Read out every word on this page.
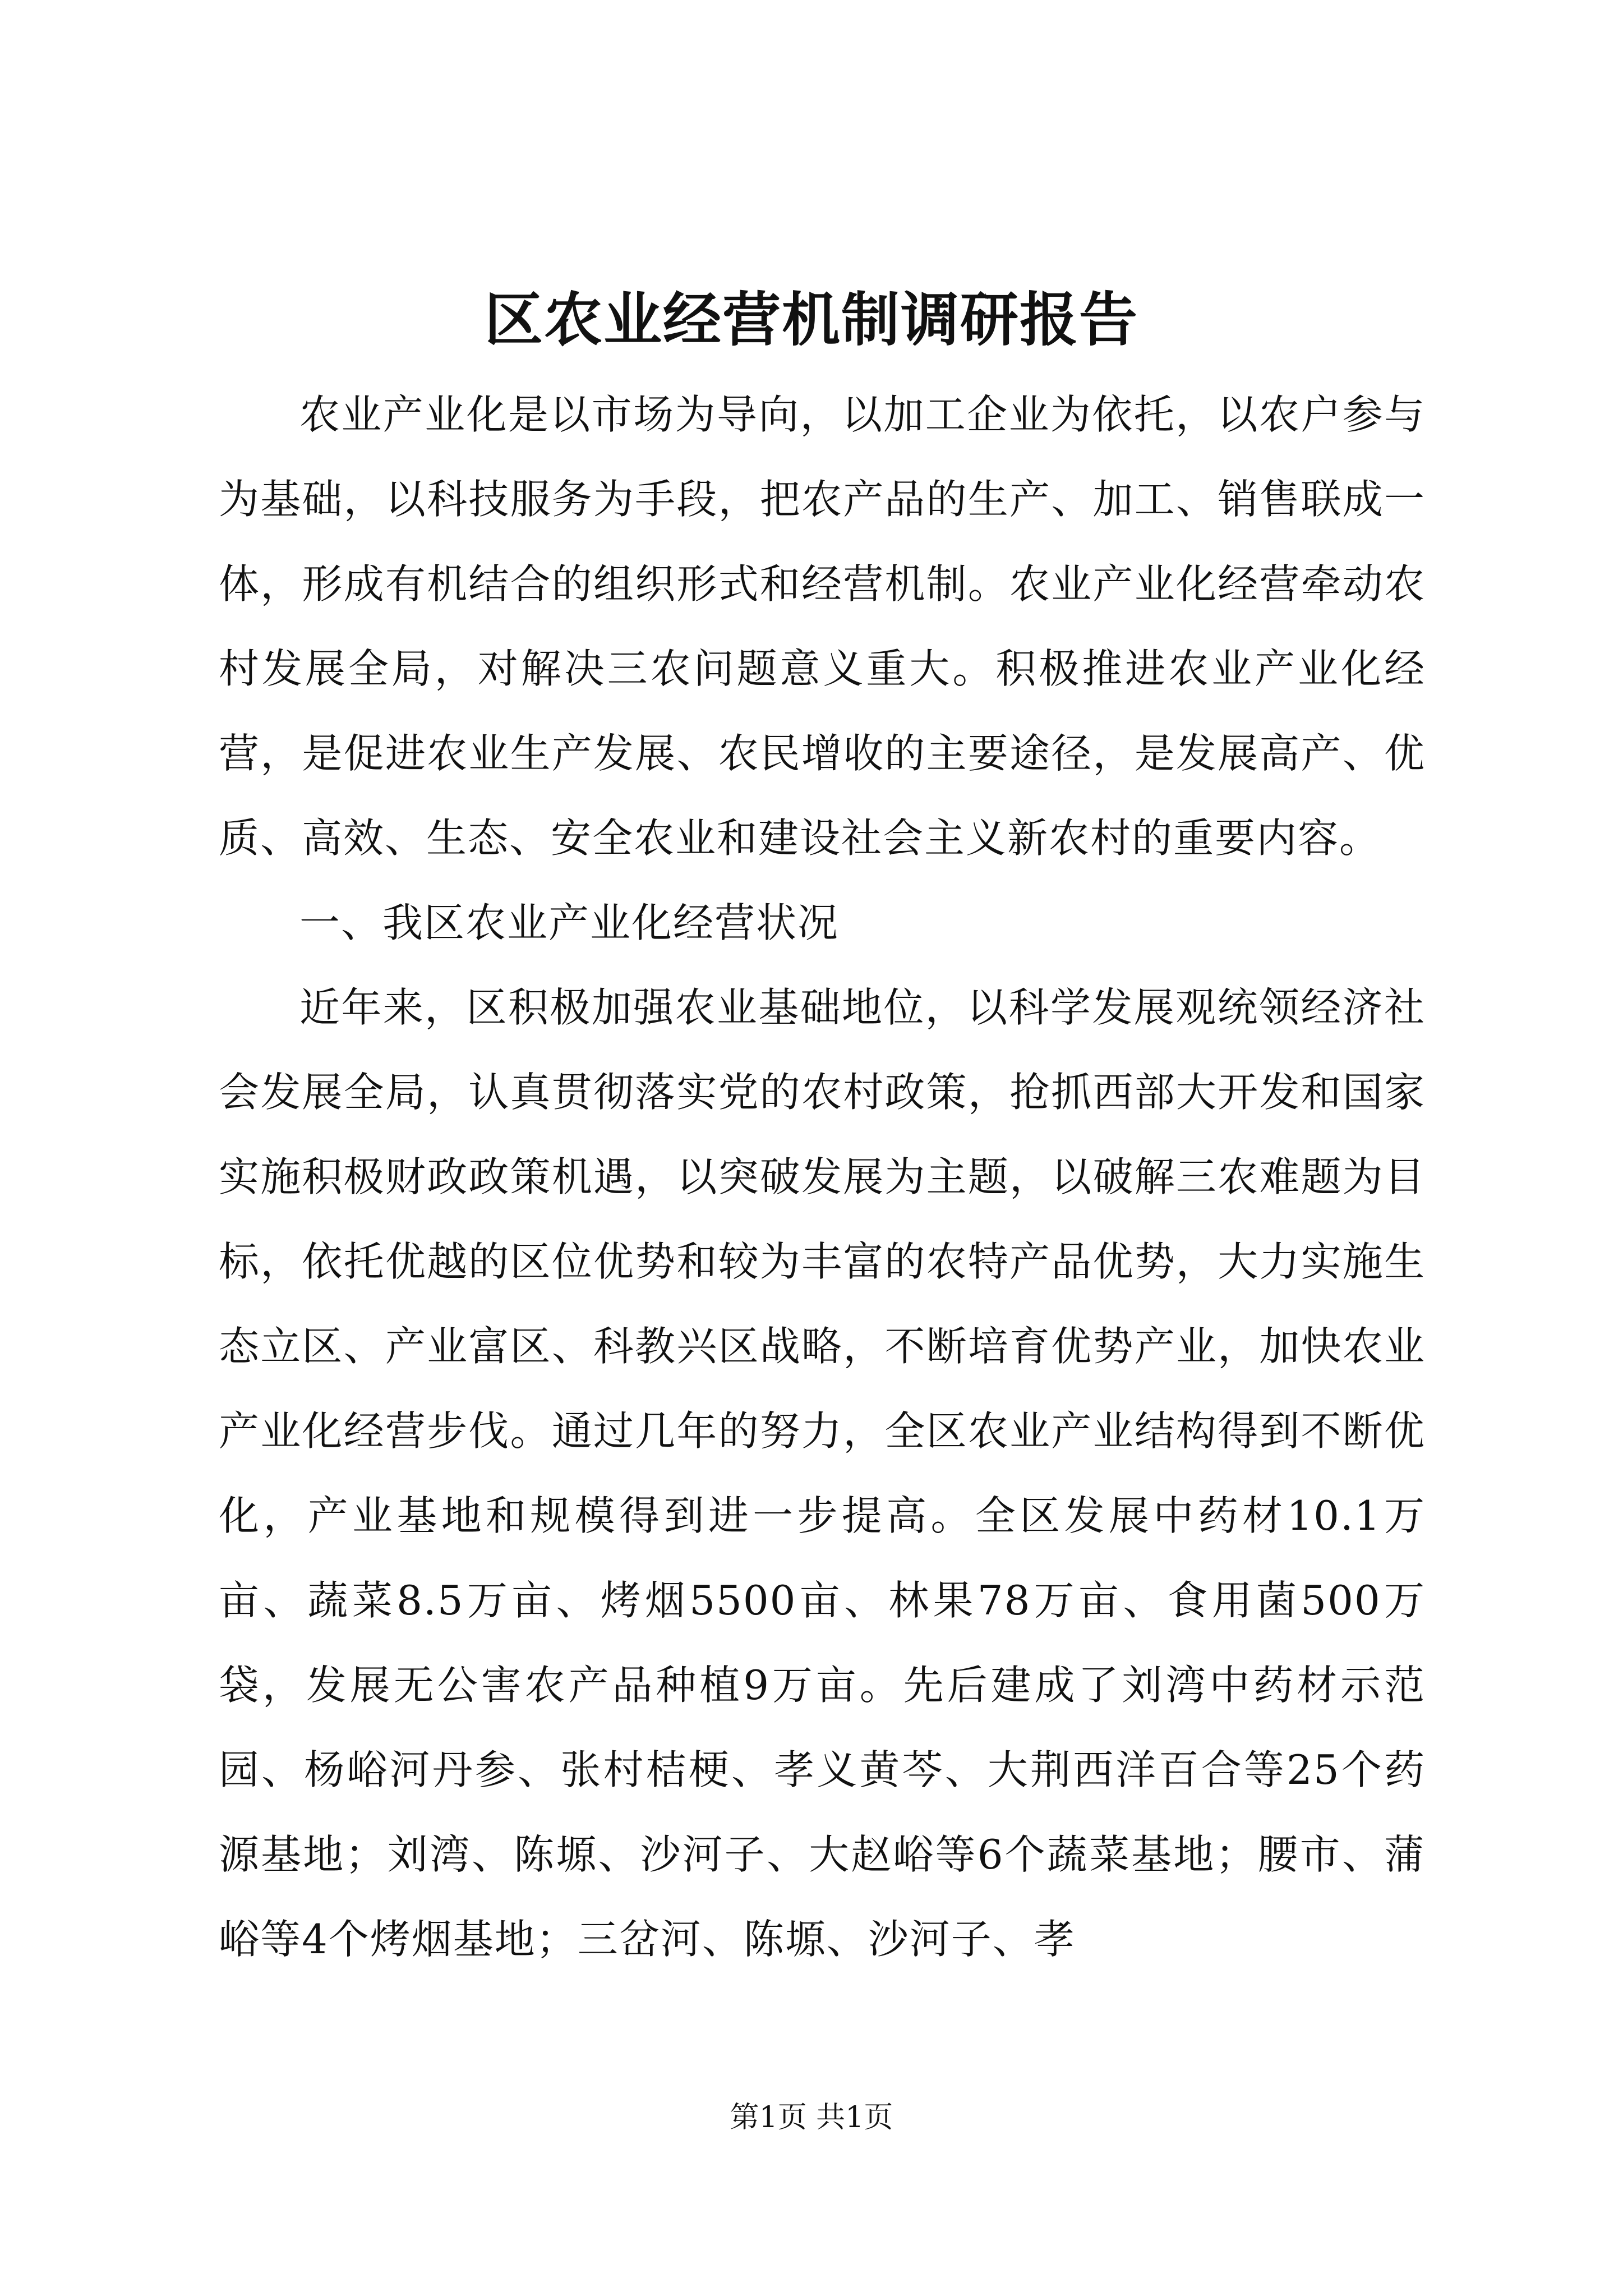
区农业经营机制调研报告

农业产业化是以市场为导向，以加工企业为依托，以农户参与为基础，以科技服务为手段，把农产品的生产、加工、销售联成一体，形成有机结合的组织形式和经营机制。农业产业化经营牵动农村发展全局，对解决三农问题意义重大。积极推进农业产业化经营，是促进农业生产发展、农民增收的主要途径，是发展高产、优质、高效、生态、安全农业和建设社会主义新农村的重要内容。

一、我区农业产业化经营状况

近年来，区积极加强农业基础地位，以科学发展观统领经济社会发展全局，认真贯彻落实党的农村政策，抢抓西部大开发和国家实施积极财政政策机遇，以突破发展为主题，以破解三农难题为目标，依托优越的区位优势和较为丰富的农特产品优势，大力实施生态立区、产业富区、科教兴区战略，不断培育优势产业，加快农业产业化经营步伐。通过几年的努力，全区农业产业结构得到不断优化，产业基地和规模得到进一步提高。全区发展中药材10.1万亩、蔬菜8.5万亩、烤烟5500亩、林果78万亩、食用菌500万袋，发展无公害农产品种植9万亩。先后建成了刘湾中药材示范园、杨峪河丹参、张村桔梗、孝义黄芩、大荆西洋百合等25个药源基地；刘湾、陈塬、沙河子、大赵峪等6个蔬菜基地；腰市、蒲峪等4个烤烟基地；三岔河、陈塬、沙河子、孝

第1页 共1页
